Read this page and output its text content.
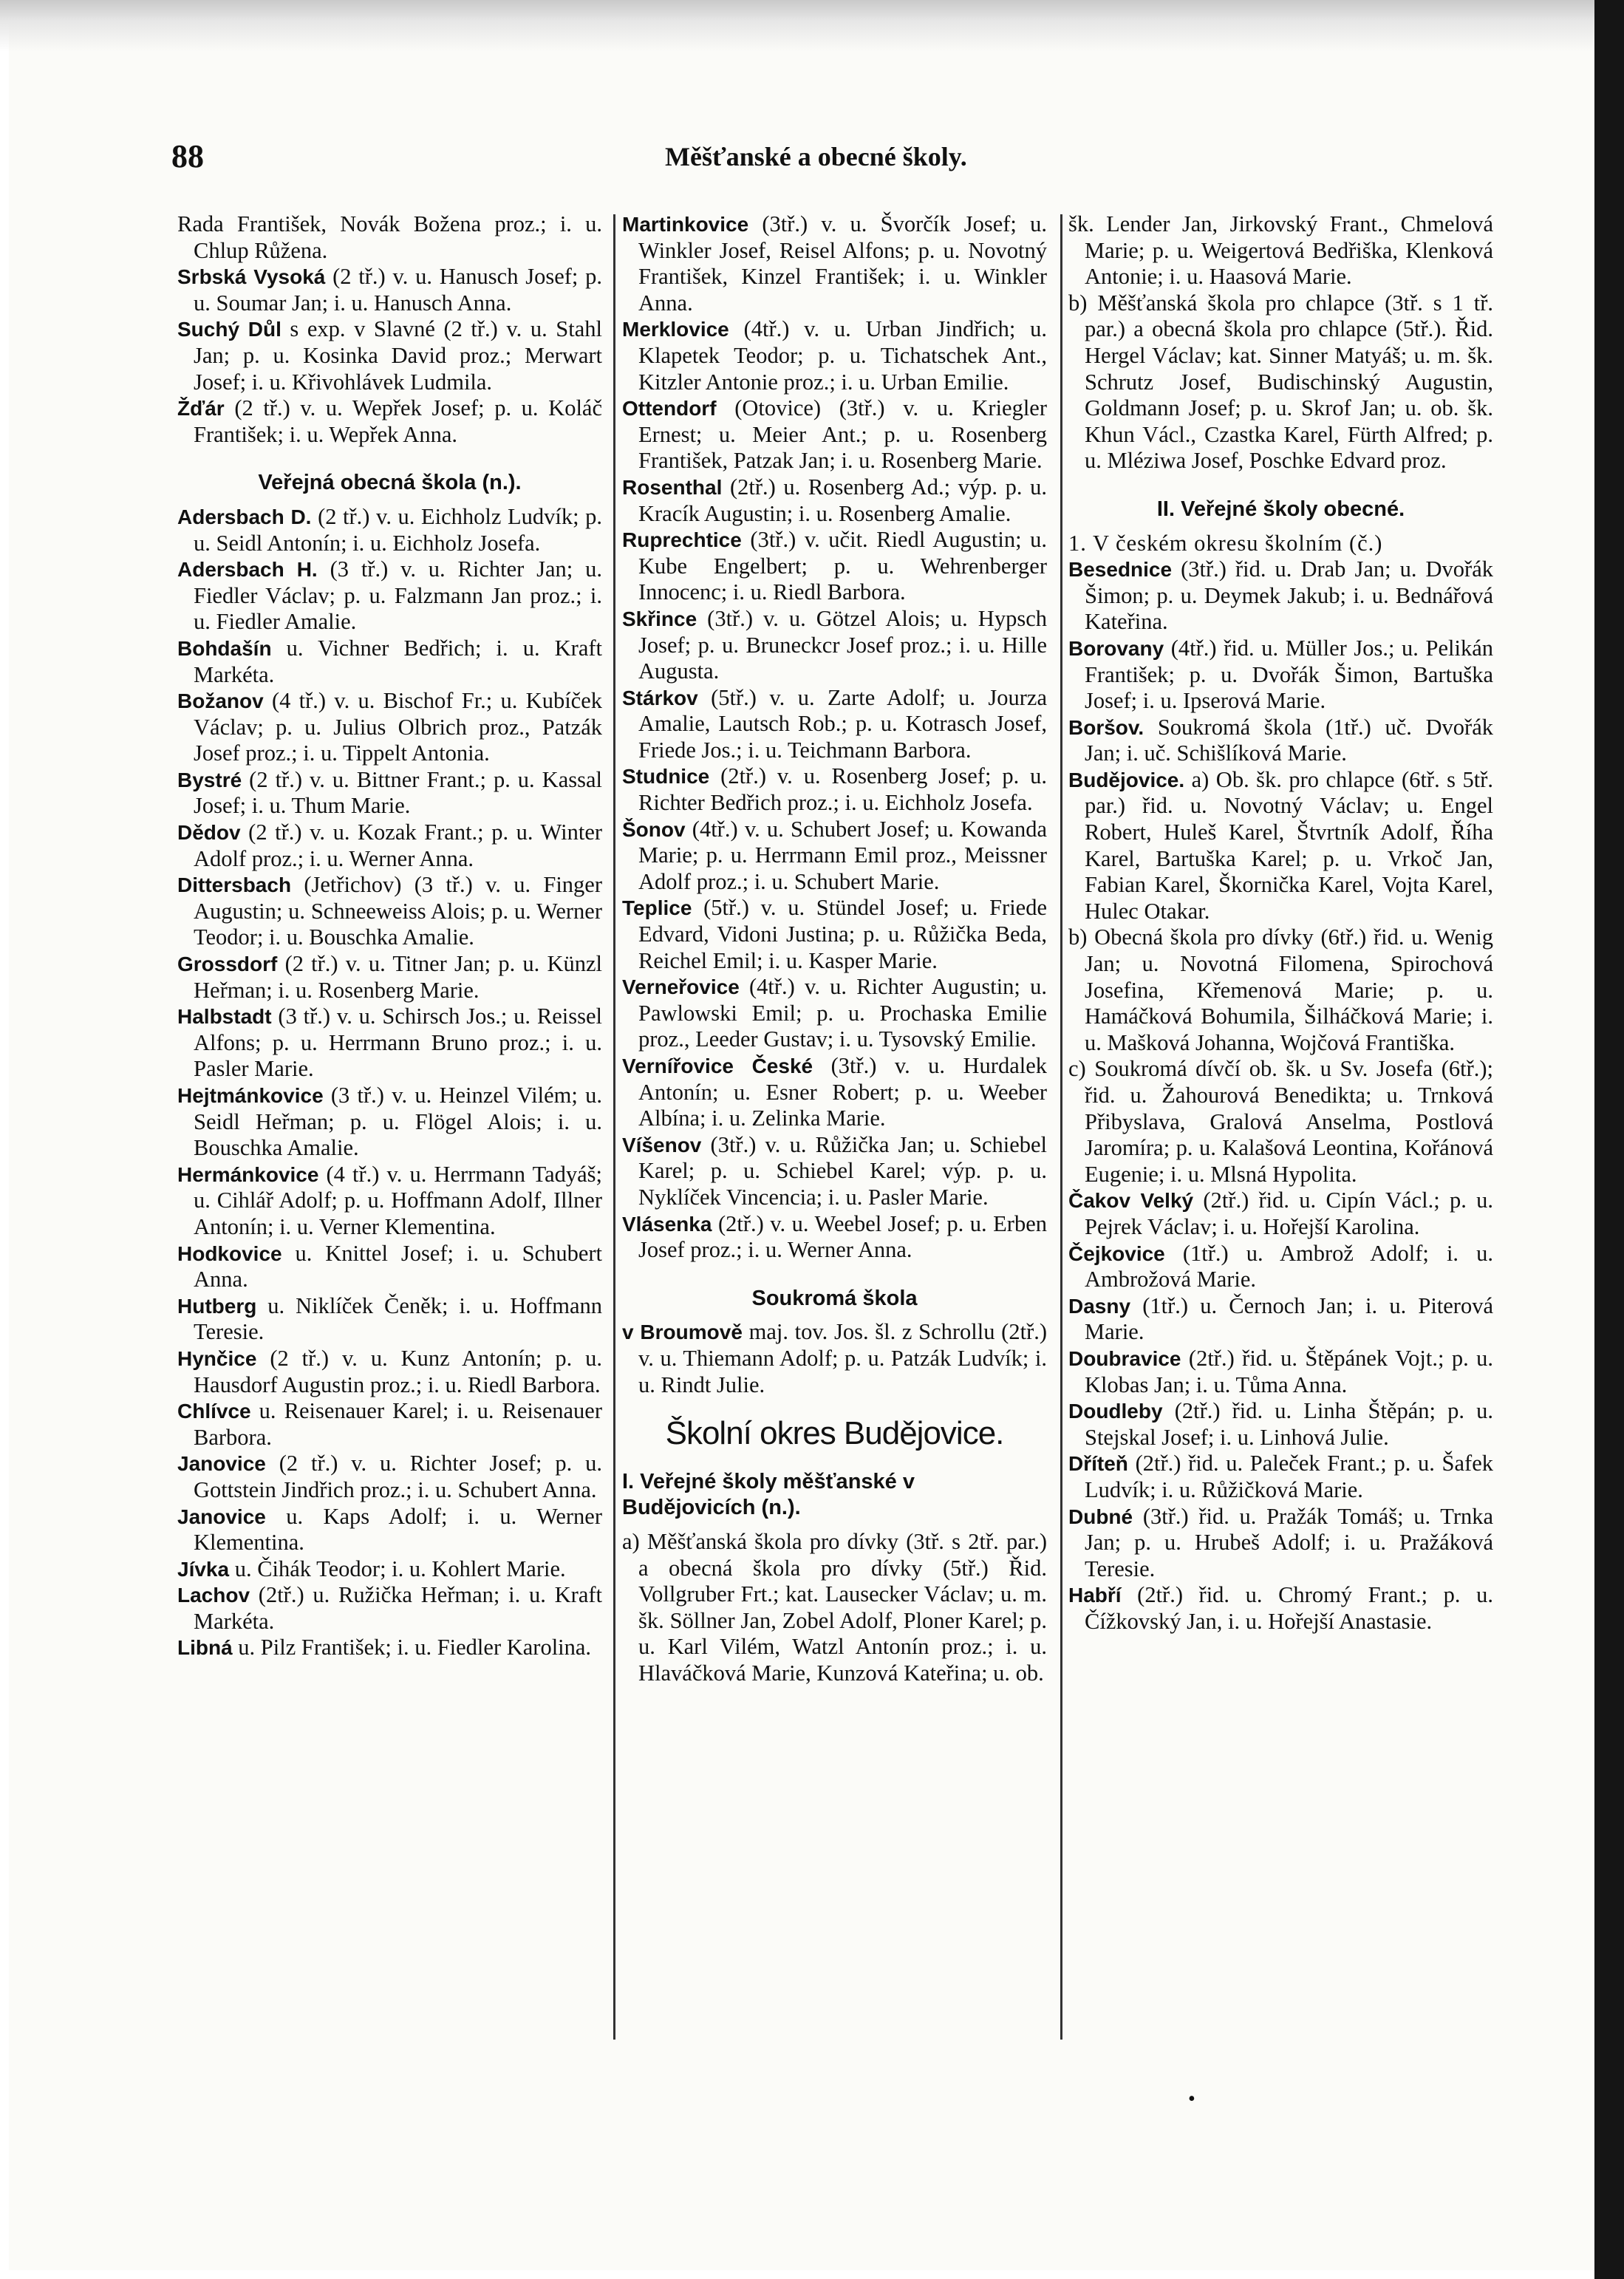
88	Měšťanské a obecné školy.
Rada František, Novák Božena proz.; i. u. Chlup Růžena.
Srbská Vysoká (2 tř.) v. u. Hanusch Josef; p. u. Soumar Jan; i. u. Hanusch Anna.
Suchý Důl s exp. v Slavné (2 tř.) v. u. Stahl Jan; p. u. Kosinka David proz.; Merwart Josef; i. u. Křivohlávek Ludmila.
Žďár (2 tř.) v. u. Wepřek Josef; p. u. Koláč František; i. u. Wepřek Anna.
Veřejná obecná škola (n.).
Adersbach D. (2 tř.) v. u. Eichholz Ludvík; p. u. Seidl Antonín; i. u. Eichholz Josefa.
Adersbach H. (3 tř.) v. u. Richter Jan; u. Fiedler Václav; p. u. Falzmann Jan proz.; i. u. Fiedler Amalie.
Bohdašín u. Vichner Bedřich; i. u. Kraft Markéta.
Božanov (4 tř.) v. u. Bischof Fr.; u. Kubíček Václav; p. u. Julius Olbrich proz., Patzák Josef proz.; i. u. Tippelt Antonia.
Bystré (2 tř.) v. u. Bittner Frant.; p. u. Kassal Josef; i. u. Thum Marie.
Dědov (2 tř.) v. u. Kozak Frant.; p. u. Winter Adolf proz.; i. u. Werner Anna.
Dittersbach (Jetřichov) (3 tř.) v. u. Finger Augustin; u. Schneeweiss Alois; p. u. Werner Teodor; i. u. Bouschka Amalie.
Grossdorf (2 tř.) v. u. Titner Jan; p. u. Künzl Heřman; i. u. Rosenberg Marie.
Halbstadt (3 tř.) v. u. Schirsch Jos.; u. Reissel Alfons; p. u. Herrmann Bruno proz.; i. u. Pasler Marie.
Hejtmánkovice (3 tř.) v. u. Heinzel Vilém; u. Seidl Heřman; p. u. Flögel Alois; i. u. Bouschka Amalie.
Hermánkovice (4 tř.) v. u. Herrmann Tadyáš; u. Cihlář Adolf; p. u. Hoffmann Adolf, Illner Antonín; i. u. Verner Klementina.
Hodkovice u. Knittel Josef; i. u. Schubert Anna.
Hutberg u. Niklíček Čeněk; i. u. Hoffmann Teresie.
Hynčice (2 tř.) v. u. Kunz Antonín; p. u. Hausdorf Augustin proz.; i. u. Riedl Barbora.
Chlívce u. Reisenauer Karel; i. u. Reisenauer Barbora.
Janovice (2 tř.) v. u. Richter Josef; p. u. Gottstein Jindřich proz.; i. u. Schubert Anna.
Janovice u. Kaps Adolf; i. u. Werner Klementina.
Jívka u. Čihák Teodor; i. u. Kohlert Marie.
Lachov (2tř.) u. Ružička Heřman; i. u. Kraft Markéta.
Libná u. Pilz František; i. u. Fiedler Karolina.
Martinkovice (3tř.) v. u. Švorčík Josef; u. Winkler Josef, Reisel Alfons; p. u. Novotný František, Kinzel František; i. u. Winkler Anna.
Merklovice (4tř.) v. u. Urban Jindřich; u. Klapetek Teodor; p. u. Tichatschek Ant., Kitzler Antonie proz.; i. u. Urban Emilie.
Ottendorf (Otovice) (3tř.) v. u. Kriegler Ernest; u. Meier Ant.; p. u. Rosenberg František, Patzak Jan; i. u. Rosenberg Marie.
Rosenthal (2tř.) u. Rosenberg Ad.; výp. p. u. Kracík Augustin; i. u. Rosenberg Amalie.
Ruprechtice (3tř.) v. učit. Riedl Augustin; u. Kube Engelbert; p. u. Wehrenberger Innocenc; i. u. Riedl Barbora.
Skřince (3tř.) v. u. Götzel Alois; u. Hypsch Josef; p. u. Bruneckcr Josef proz.; i. u. Hille Augusta.
Stárkov (5tř.) v. u. Zarte Adolf; u. Jourza Amalie, Lautsch Rob.; p. u. Kotrasch Josef, Friede Jos.; i. u. Teichmann Barbora.
Studnice (2tř.) v. u. Rosenberg Josef; p. u. Richter Bedřich proz.; i. u. Eichholz Josefa.
Šonov (4tř.) v. u. Schubert Josef; u. Kowanda Marie; p. u. Herrmann Emil proz., Meissner Adolf proz.; i. u. Schubert Marie.
Teplice (5tř.) v. u. Stündel Josef; u. Friede Edvard, Vidoni Justina; p. u. Růžička Beda, Reichel Emil; i. u. Kasper Marie.
Verneřovice (4tř.) v. u. Richter Augustin; u. Pawlowski Emil; p. u. Prochaska Emilie proz., Leeder Gustav; i. u. Tysovský Emilie.
Vernířovice České (3tř.) v. u. Hurdalek Antonín; u. Esner Robert; p. u. Weeber Albína; i. u. Zelinka Marie.
Víšenov (3tř.) v. u. Růžička Jan; u. Schiebel Karel; p. u. Schiebel Karel; výp. p. u. Nyklíček Vincencia; i. u. Pasler Marie.
Vlásenka (2tř.) v. u. Weebel Josef; p. u. Erben Josef proz.; i. u. Werner Anna.
Soukromá škola
v Broumově maj. tov. Jos. šl. z Schrollu (2tř.) v. u. Thiemann Adolf; p. u. Patzák Ludvík; i. u. Rindt Julie.
Školní okres Budějovice.
I. Veřejné školy měšťanské v Budějovicích (n.).
a) Měšťanská škola pro dívky (3tř. s 2tř. par.) a obecná škola pro dívky (5tř.) Řid. Vollgruber Frt.; kat. Lausecker Václav; u. m. šk. Söllner Jan, Zobel Adolf, Ploner Karel; p. u. Karl Vilém, Watzl Antonín proz.; i. u. Hlaváčková Marie, Kunzová Kateřina; u. ob.
šk. Lender Jan, Jirkovský Frant., Chmelová Marie; p. u. Weigertová Bedřiška, Klenková Antonie; i. u. Haasová Marie.
b) Měšťanská škola pro chlapce (3tř. s 1 tř. par.) a obecná škola pro chlapce (5tř.). Řid. Hergel Václav; kat. Sinner Matyáš; u. m. šk. Schrutz Josef, Budischinský Augustin, Goldmann Josef; p. u. Skrof Jan; u. ob. šk. Khun Václ., Czastka Karel, Fürth Alfred; p. u. Mléziwa Josef, Poschke Edvard proz.
II. Veřejné školy obecné.
1. V českém okresu školním (č.)
Besednice (3tř.) řid. u. Drab Jan; u. Dvořák Šimon; p. u. Deymek Jakub; i. u. Bednářová Kateřina.
Borovany (4tř.) řid. u. Müller Jos.; u. Pelikán František; p. u. Dvořák Šimon, Bartuška Josef; i. u. Ipserová Marie.
Boršov. Soukromá škola (1tř.) uč. Dvořák Jan; i. uč. Schišlíková Marie.
Budějovice. a) Ob. šk. pro chlapce (6tř. s 5tř. par.) řid. u. Novotný Václav; u. Engel Robert, Huleš Karel, Štvrtník Adolf, Říha Karel, Bartuška Karel; p. u. Vrkoč Jan, Fabian Karel, Škornička Karel, Vojta Karel, Hulec Otakar.
b) Obecná škola pro dívky (6tř.) řid. u. Wenig Jan; u. Novotná Filomena, Spirochová Josefina, Křemenová Marie; p. u. Hamáčková Bohumila, Šilháčková Marie; i. u. Mašková Johanna, Wojčová Františka.
c) Soukromá dívčí ob. šk. u Sv. Josefa (6tř.); řid. u. Žahourová Benedikta; u. Trnková Přibyslava, Gralová Anselma, Postlová Jaromíra; p. u. Kalašová Leontina, Kořánová Eugenie; i. u. Mlsná Hypolita.
Čakov Velký (2tř.) řid. u. Cipín Václ.; p. u. Pejrek Václav; i. u. Hořejší Karolina.
Čejkovice (1tř.) u. Ambrož Adolf; i. u. Ambrožová Marie.
Dasny (1tř.) u. Černoch Jan; i. u. Piterová Marie.
Doubravice (2tř.) řid. u. Štěpánek Vojt.; p. u. Klobas Jan; i. u. Tůma Anna.
Doudleby (2tř.) řid. u. Linha Štěpán; p. u. Stejskal Josef; i. u. Linhová Julie.
Dříteň (2tř.) řid. u. Paleček Frant.; p. u. Šafek Ludvík; i. u. Růžičková Marie.
Dubné (3tř.) řid. u. Pražák Tomáš; u. Trnka Jan; p. u. Hrubeš Adolf; i. u. Pražáková Teresie.
Habří (2tř.) řid. u. Chromý Frant.; p. u. Čížkovský Jan, i. u. Hořejší Anastasie.
•
